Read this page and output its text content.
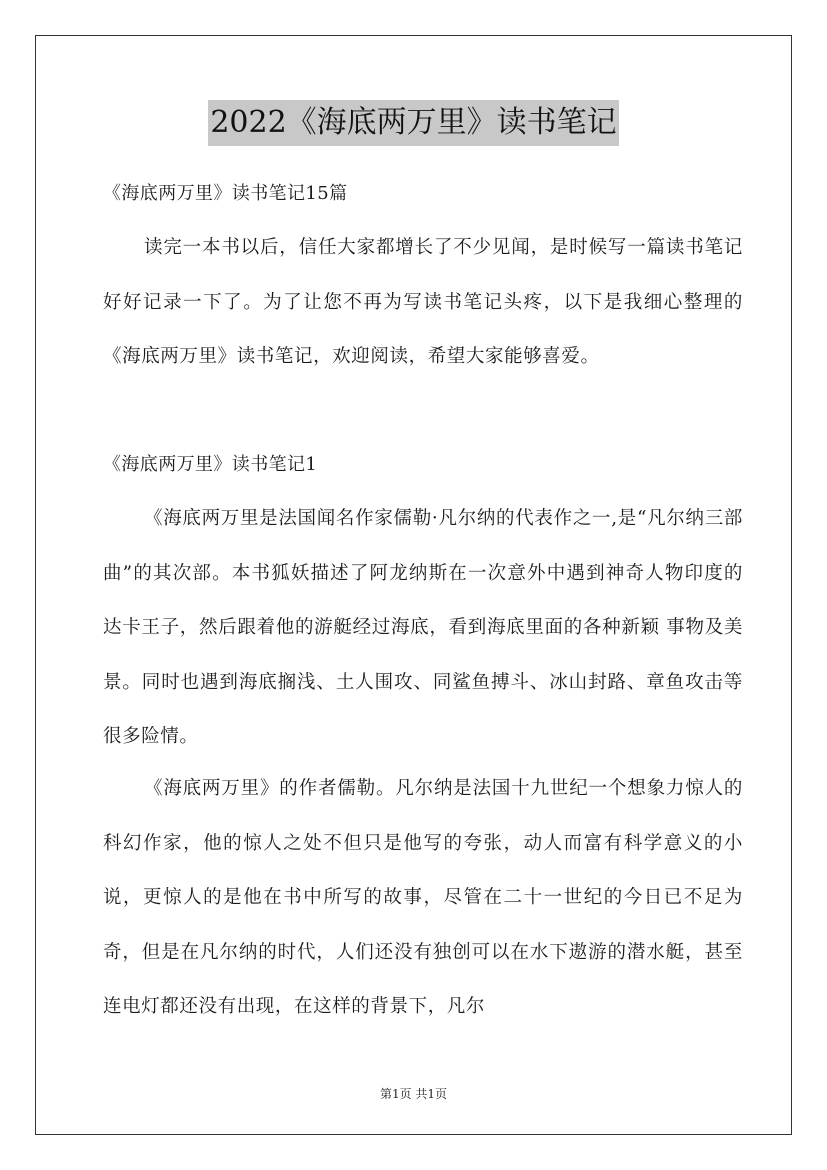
2022《海底两万里》读书笔记

《海底两万里》读书笔记15篇

读完一本书以后，信任大家都增长了不少见闻，是时候写一篇读书笔记好好记录一下了。为了让您不再为写读书笔记头疼，以下是我细心整理的《海底两万里》读书笔记，欢迎阅读，希望大家能够喜爱。

《海底两万里》读书笔记1

《海底两万里是法国闻名作家儒勒·凡尔纳的代表作之一,是“凡尔纳三部曲”的其次部。本书狐妖描述了阿龙纳斯在一次意外中遇到神奇人物印度的达卡王子，然后跟着他的游艇经过海底，看到海底里面的各种新颖 事物及美景。同时也遇到海底搁浅、土人围攻、同鲨鱼搏斗、冰山封路、章鱼攻击等很多险情。

《海底两万里》的作者儒勒。凡尔纳是法国十九世纪一个想象力惊人的科幻作家，他的惊人之处不但只是他写的夸张，动人而富有科学意义的小说，更惊人的是他在书中所写的故事，尽管在二十一世纪的今日已不足为奇，但是在凡尔纳的时代，人们还没有独创可以在水下遨游的潜水艇，甚至连电灯都还没有出现，在这样的背景下，凡尔

第1页 共1页
